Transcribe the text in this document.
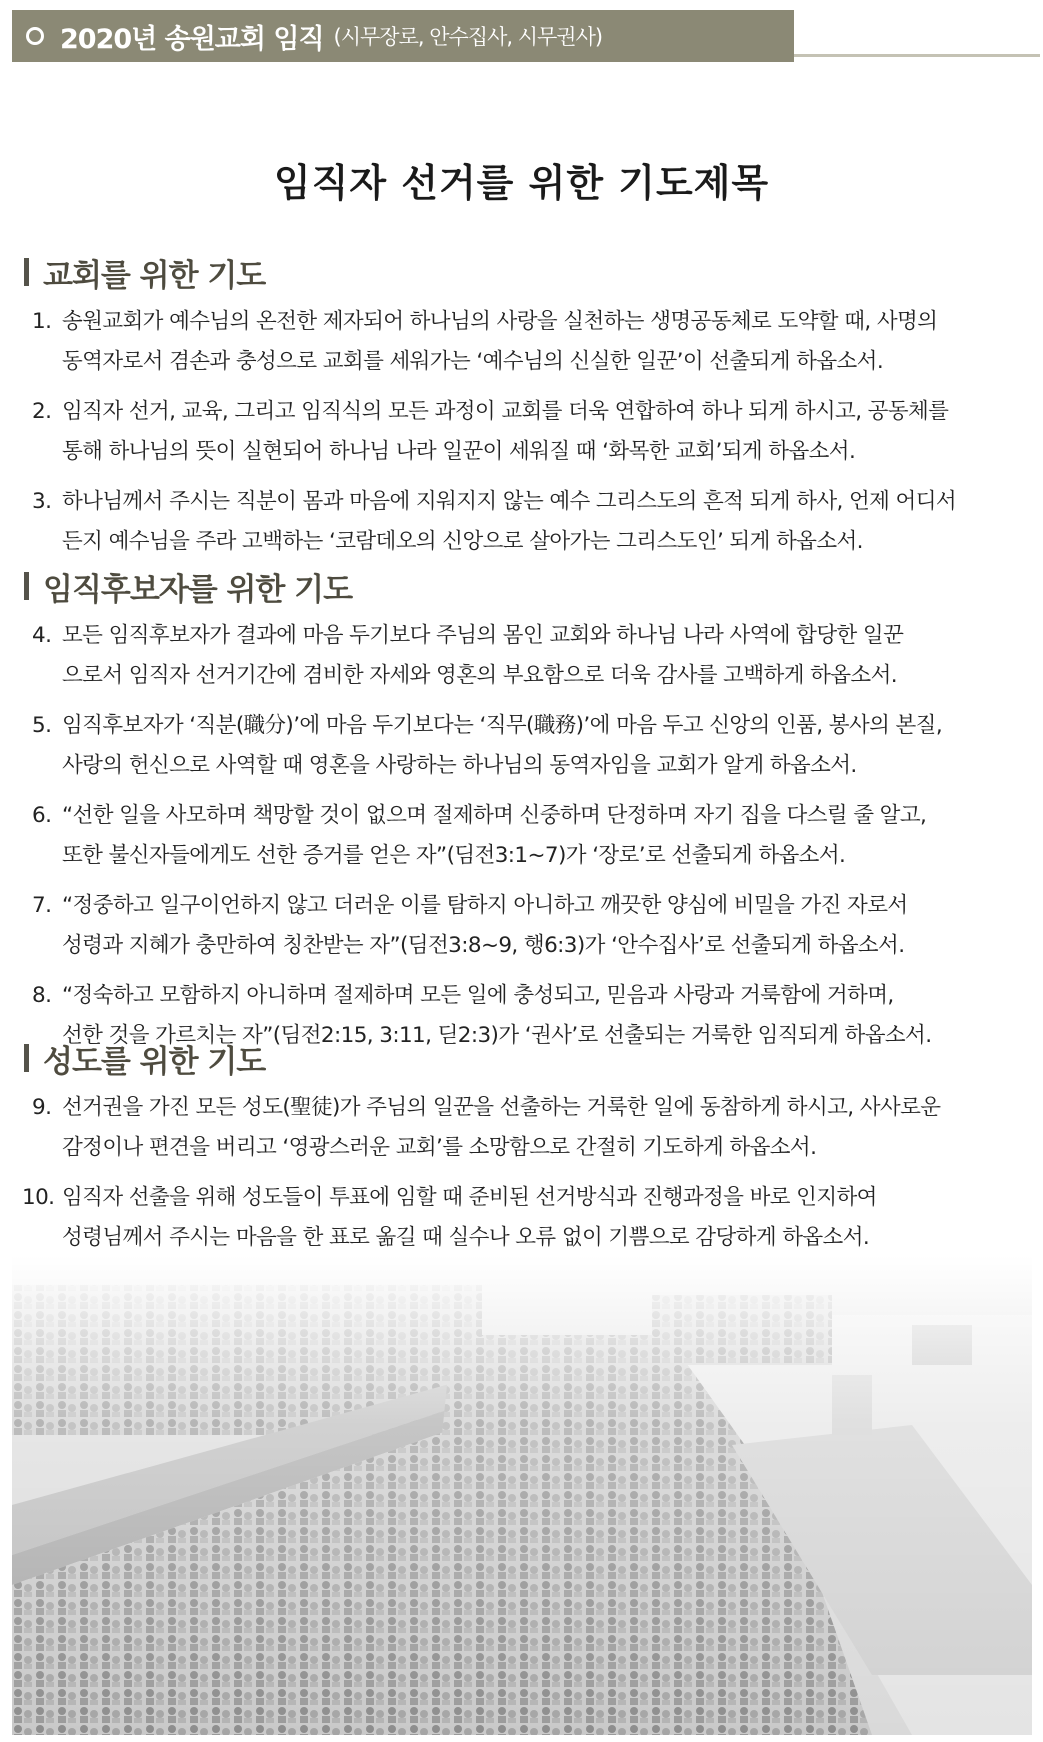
2020년 송원교회 임직 (시무장로, 안수집사, 시무권사)
임직자 선거를 위한 기도제목
교회를 위한 기도
1. 송원교회가 예수님의 온전한 제자되어 하나님의 사랑을 실천하는 생명공동체로 도약할 때, 사명의
동역자로서 겸손과 충성으로 교회를 세워가는 ‘예수님의 신실한 일꾼’이 선출되게 하옵소서.
2. 임직자 선거, 교육, 그리고 임직식의 모든 과정이 교회를 더욱 연합하여 하나 되게 하시고, 공동체를
통해 하나님의 뜻이 실현되어 하나님 나라 일꾼이 세워질 때 ‘화목한 교회’되게 하옵소서.
3. 하나님께서 주시는 직분이 몸과 마음에 지워지지 않는 예수 그리스도의 흔적 되게 하사, 언제 어디서
든지 예수님을 주라 고백하는 ‘코람데오의 신앙으로 살아가는 그리스도인’ 되게 하옵소서.
임직후보자를 위한 기도
4. 모든 임직후보자가 결과에 마음 두기보다 주님의 몸인 교회와 하나님 나라 사역에 합당한 일꾼
으로서 임직자 선거기간에 겸비한 자세와 영혼의 부요함으로 더욱 감사를 고백하게 하옵소서.
5. 임직후보자가 ‘직분(職分)’에 마음 두기보다는 ‘직무(職務)’에 마음 두고 신앙의 인품, 봉사의 본질,
사랑의 헌신으로 사역할 때 영혼을 사랑하는 하나님의 동역자임을 교회가 알게 하옵소서.
6. “선한 일을 사모하며 책망할 것이 없으며 절제하며 신중하며 단정하며 자기 집을 다스릴 줄 알고,
또한 불신자들에게도 선한 증거를 얻은 자”(딤전3:1~7)가 ‘장로’로 선출되게 하옵소서.
7. “정중하고 일구이언하지 않고 더러운 이를 탐하지 아니하고 깨끗한 양심에 비밀을 가진 자로서
성령과 지혜가 충만하여 칭찬받는 자”(딤전3:8~9, 행6:3)가 ‘안수집사’로 선출되게 하옵소서.
8. “정숙하고 모함하지 아니하며 절제하며 모든 일에 충성되고, 믿음과 사랑과 거룩함에 거하며,
선한 것을 가르치는 자”(딤전2:15, 3:11, 딛2:3)가 ‘권사’로 선출되는 거룩한 임직되게 하옵소서.
성도를 위한 기도
9. 선거권을 가진 모든 성도(聖徒)가 주님의 일꾼을 선출하는 거룩한 일에 동참하게 하시고, 사사로운
감정이나 편견을 버리고 ‘영광스러운 교회’를 소망함으로 간절히 기도하게 하옵소서.
10. 임직자 선출을 위해 성도들이 투표에 임할 때 준비된 선거방식과 진행과정을 바로 인지하여
성령님께서 주시는 마음을 한 표로 옮길 때 실수나 오류 없이 기쁨으로 감당하게 하옵소서.
